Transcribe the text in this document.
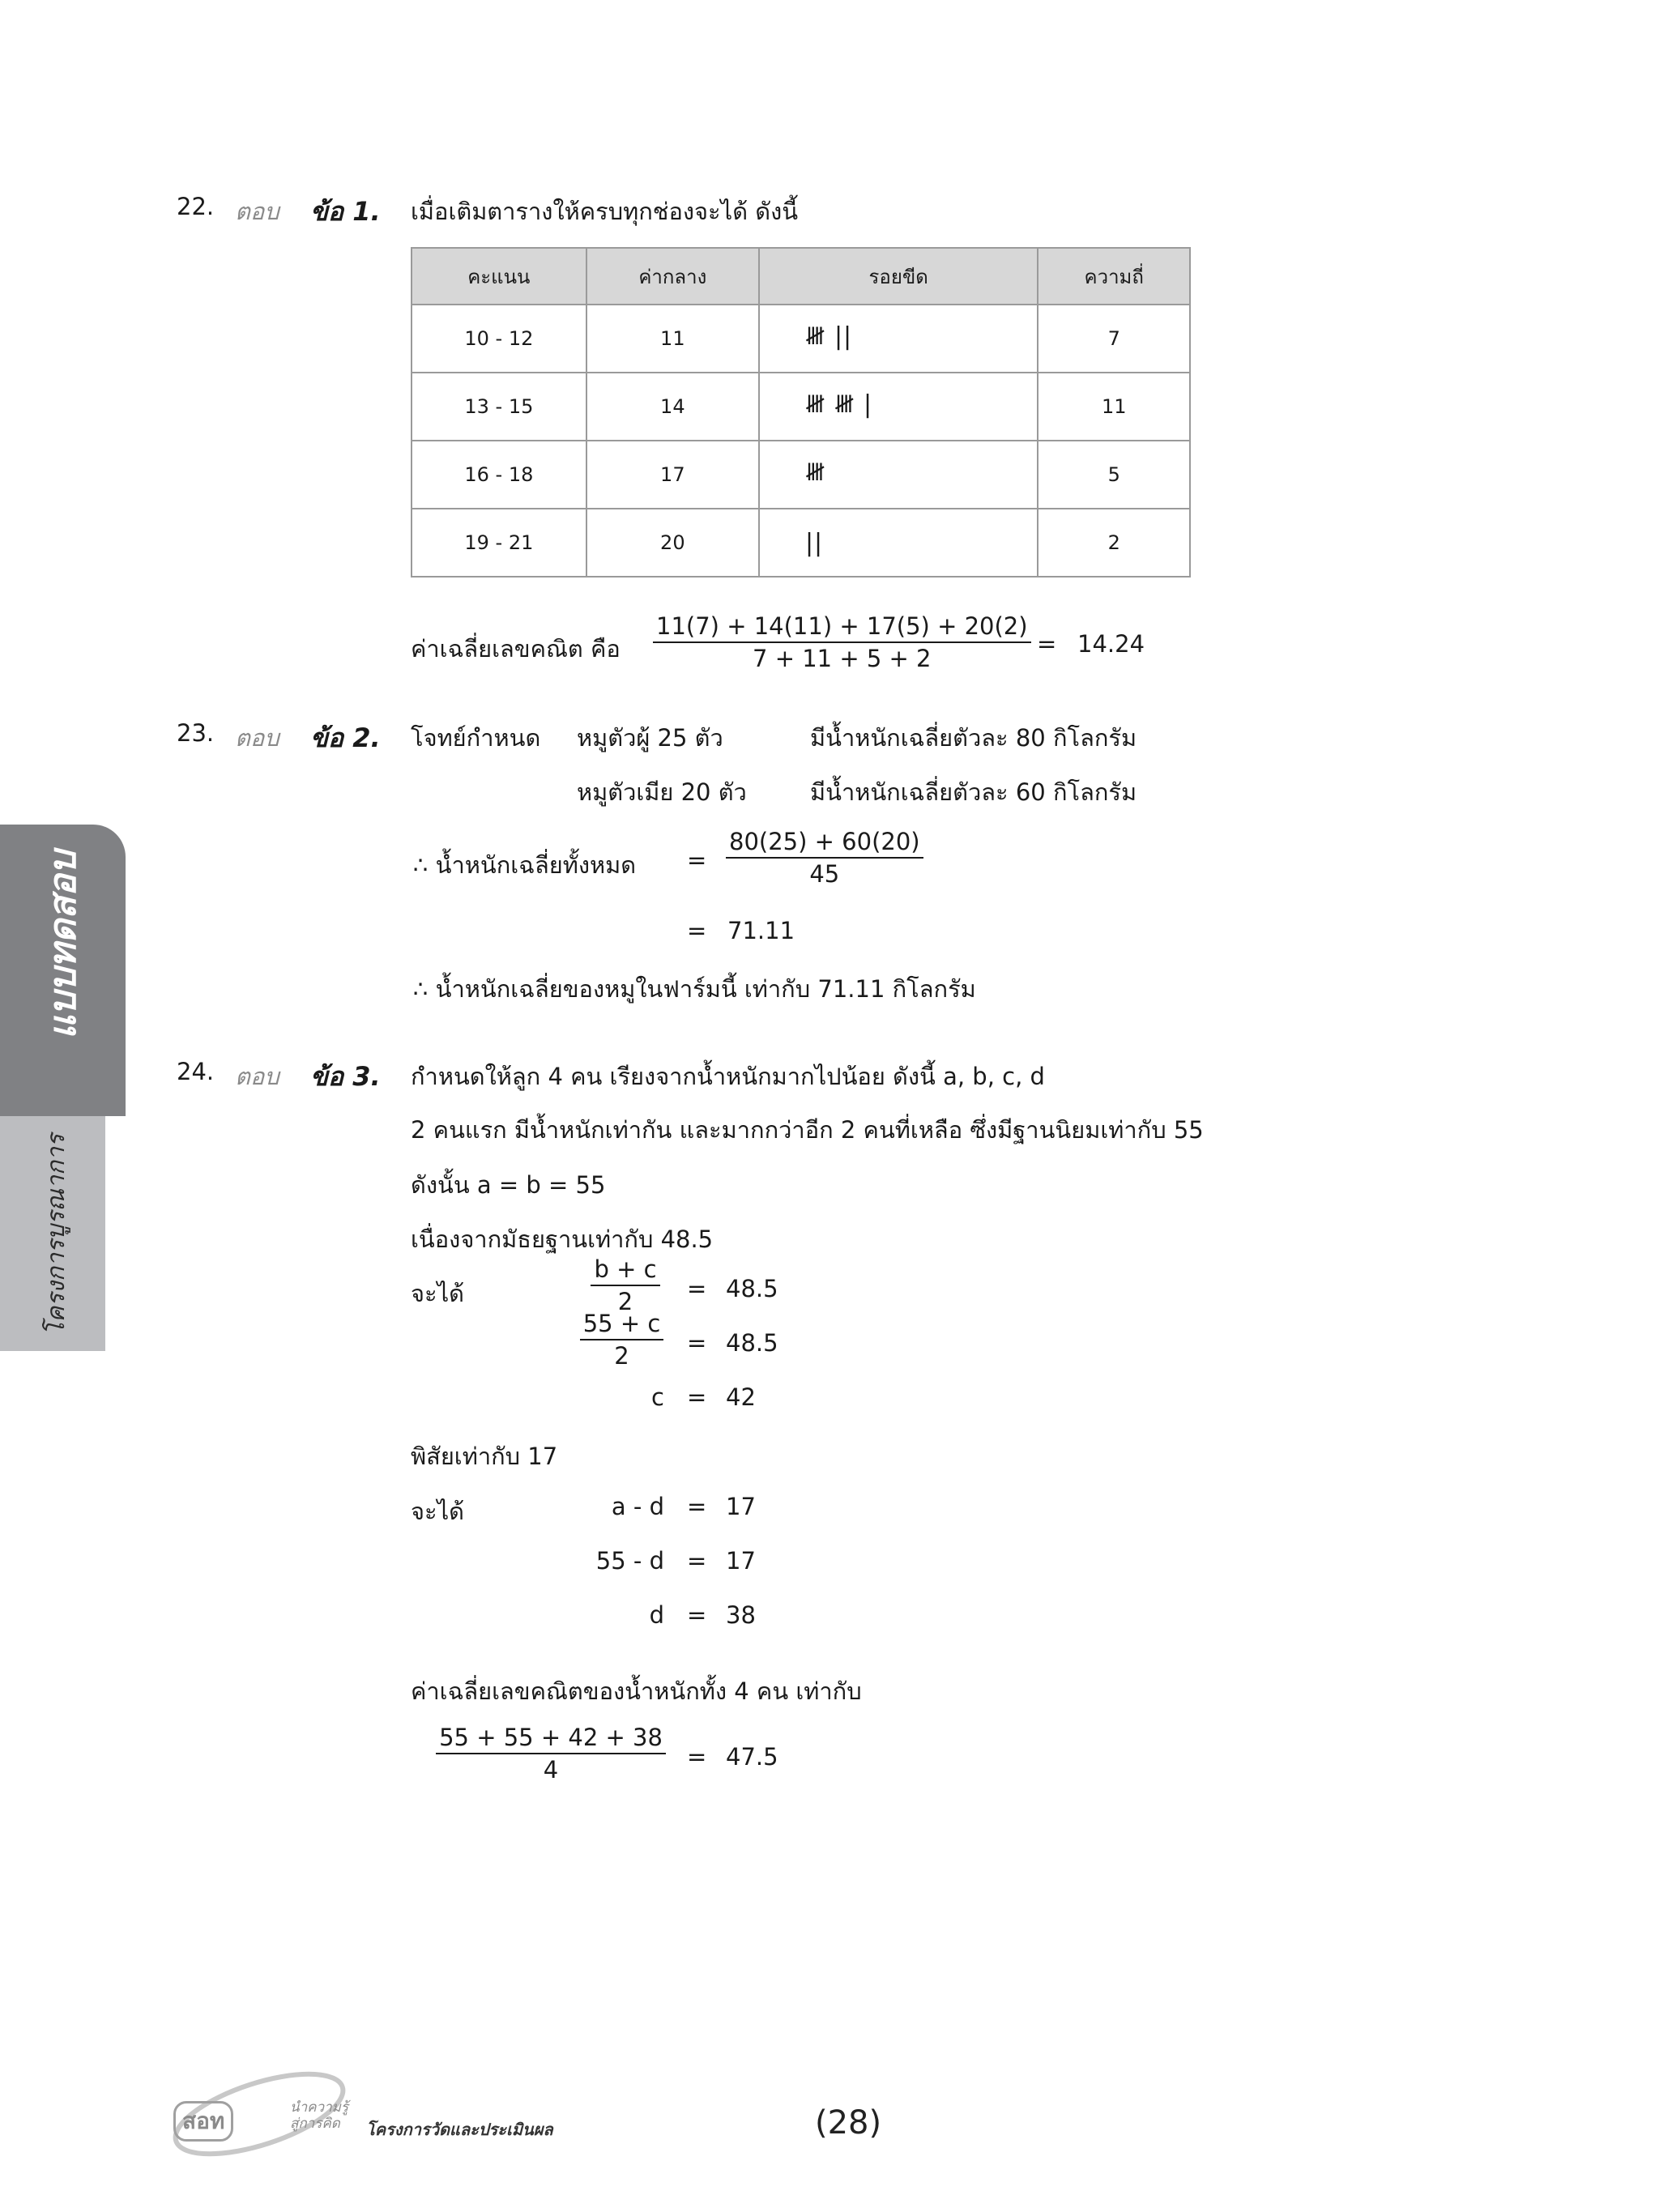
แบบทดสอบ
โครงการบูรณาการ
22. ตอบ ข้อ 1. เมื่อเติมตารางให้ครบทุกช่องจะได้ ดังนี้
คะแนน	ค่ากลาง	รอยขีด	ความถี่
10 - 12	11	𝍸 ||	7
13 - 15	14	𝍸 𝍸 |	11
16 - 18	17	𝍸	5
19 - 21	20	||	2
ค่าเฉลี่ยเลขคณิต คือ $\frac{11(7) + 14(11) + 17(5) + 20(2)}{7 + 11 + 5 + 2} = 14.24$
23. ตอบ ข้อ 2. โจทย์กำหนด หมูตัวผู้ 25 ตัว	มีน้ำหนักเฉลี่ยตัวละ 80 กิโลกรัม
หมูตัวเมีย 20 ตัว	มีน้ำหนักเฉลี่ยตัวละ 60 กิโลกรัม
∴ น้ำหนักเฉลี่ยทั้งหมด = $\frac{80(25) + 60(20)}{45}$
= 71.11
∴ น้ำหนักเฉลี่ยของหมูในฟาร์มนี้ เท่ากับ 71.11 กิโลกรัม
24. ตอบ ข้อ 3. กำหนดให้ลูก 4 คน เรียงจากน้ำหนักมากไปน้อย ดังนี้ a, b, c, d
2 คนแรก มีน้ำหนักเท่ากัน และมากกว่าอีก 2 คนที่เหลือ ซึ่งมีฐานนิยมเท่ากับ 55
ดังนั้น a = b = 55
เนื่องจากมัธยฐานเท่ากับ 48.5
จะได้	$\frac{b + c}{2} = 48.5$
$\frac{55 + c}{2} = 48.5$
c = 42
พิสัยเท่ากับ 17
จะได้	a - d = 17
55 - d = 17
d = 38
ค่าเฉลี่ยเลขคณิตของน้ำหนักทั้ง 4 คน เท่ากับ
$\frac{55 + 55 + 42 + 38}{4} = 47.5$
สอท	นำความรู้
สู่การคิด โครงการวัดและประเมินผล	(28)
